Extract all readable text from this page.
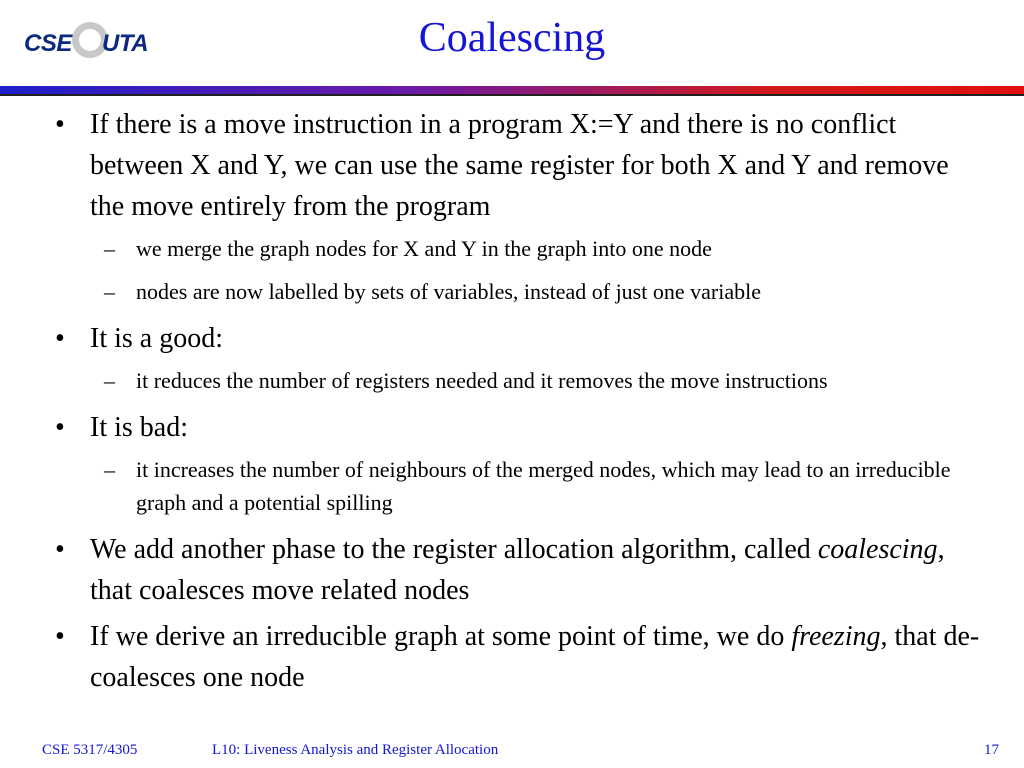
CSE UTA	Coalescing
• If there is a move instruction in a program X:=Y and there is no conflict between X and Y, we can use the same register for both X and Y and remove the move entirely from the program
– we merge the graph nodes for X and Y in the graph into one node
– nodes are now labelled by sets of variables, instead of just one variable
• It is a good:
– it reduces the number of registers needed and it removes the move instructions
• It is bad:
– it increases the number of neighbours of the merged nodes, which may lead to an irreducible graph and a potential spilling
• We add another phase to the register allocation algorithm, called coalescing, that coalesces move related nodes
• If we derive an irreducible graph at some point of time, we do freezing, that de-coalesces one node
CSE 5317/4305	L10: Liveness Analysis and Register Allocation	17
